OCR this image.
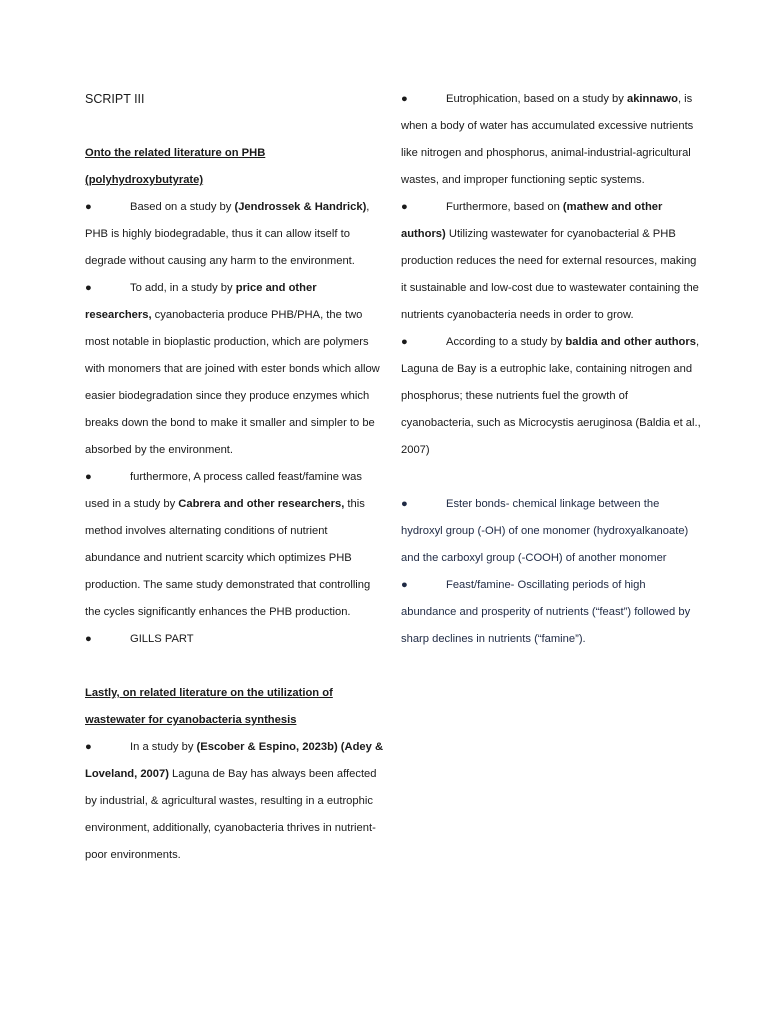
SCRIPT III

Onto the related literature on PHB (polyhydroxybutyrate)

●	Based on a study by (Jendrossek & Handrick), PHB is highly biodegradable, thus it can allow itself to degrade without causing any harm to the environment.

●	To add, in a study by price and other researchers, cyanobacteria produce PHB/PHA, the two most notable in bioplastic production, which are polymers with monomers that are joined with ester bonds which allow easier biodegradation since they produce enzymes which breaks down the bond to make it smaller and simpler to be absorbed by the environment.

●	furthermore, A process called feast/famine was used in a study by Cabrera and other researchers, this method involves alternating conditions of nutrient abundance and nutrient scarcity which optimizes PHB production. The same study demonstrated that controlling the cycles significantly enhances the PHB production.

●	GILLS PART

Lastly, on related literature on the utilization of wastewater for cyanobacteria synthesis

●	In a study by (Escober & Espino, 2023b) (Adey & Loveland, 2007) Laguna de Bay has always been affected by industrial, & agricultural wastes, resulting in a eutrophic environment, additionally, cyanobacteria thrives in nutrient-poor environments.

●	Eutrophication, based on a study by akinnawo, is when a body of water has accumulated excessive nutrients like nitrogen and phosphorus, animal-industrial-agricultural wastes, and improper functioning septic systems.

●	Furthermore, based on (mathew and other authors) Utilizing wastewater for cyanobacterial & PHB production reduces the need for external resources, making it sustainable and low-cost due to wastewater containing the nutrients cyanobacteria needs in order to grow.

●	According to a study by baldia and other authors, Laguna de Bay is a eutrophic lake, containing nitrogen and phosphorus; these nutrients fuel the growth of cyanobacteria, such as Microcystis aeruginosa (Baldia et al., 2007)

●	Ester bonds- chemical linkage between the hydroxyl group (-OH) of one monomer (hydroxyalkanoate) and the carboxyl group (-COOH) of another monomer

●	Feast/famine- Oscillating periods of high abundance and prosperity of nutrients (“feast”) followed by sharp declines in nutrients (“famine”).
